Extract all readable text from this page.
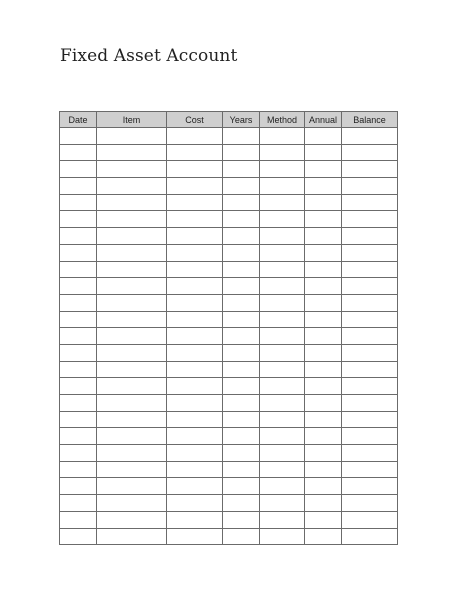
Fixed Asset Account
Date	Item	Cost	Years	Method	Annual	Balance
